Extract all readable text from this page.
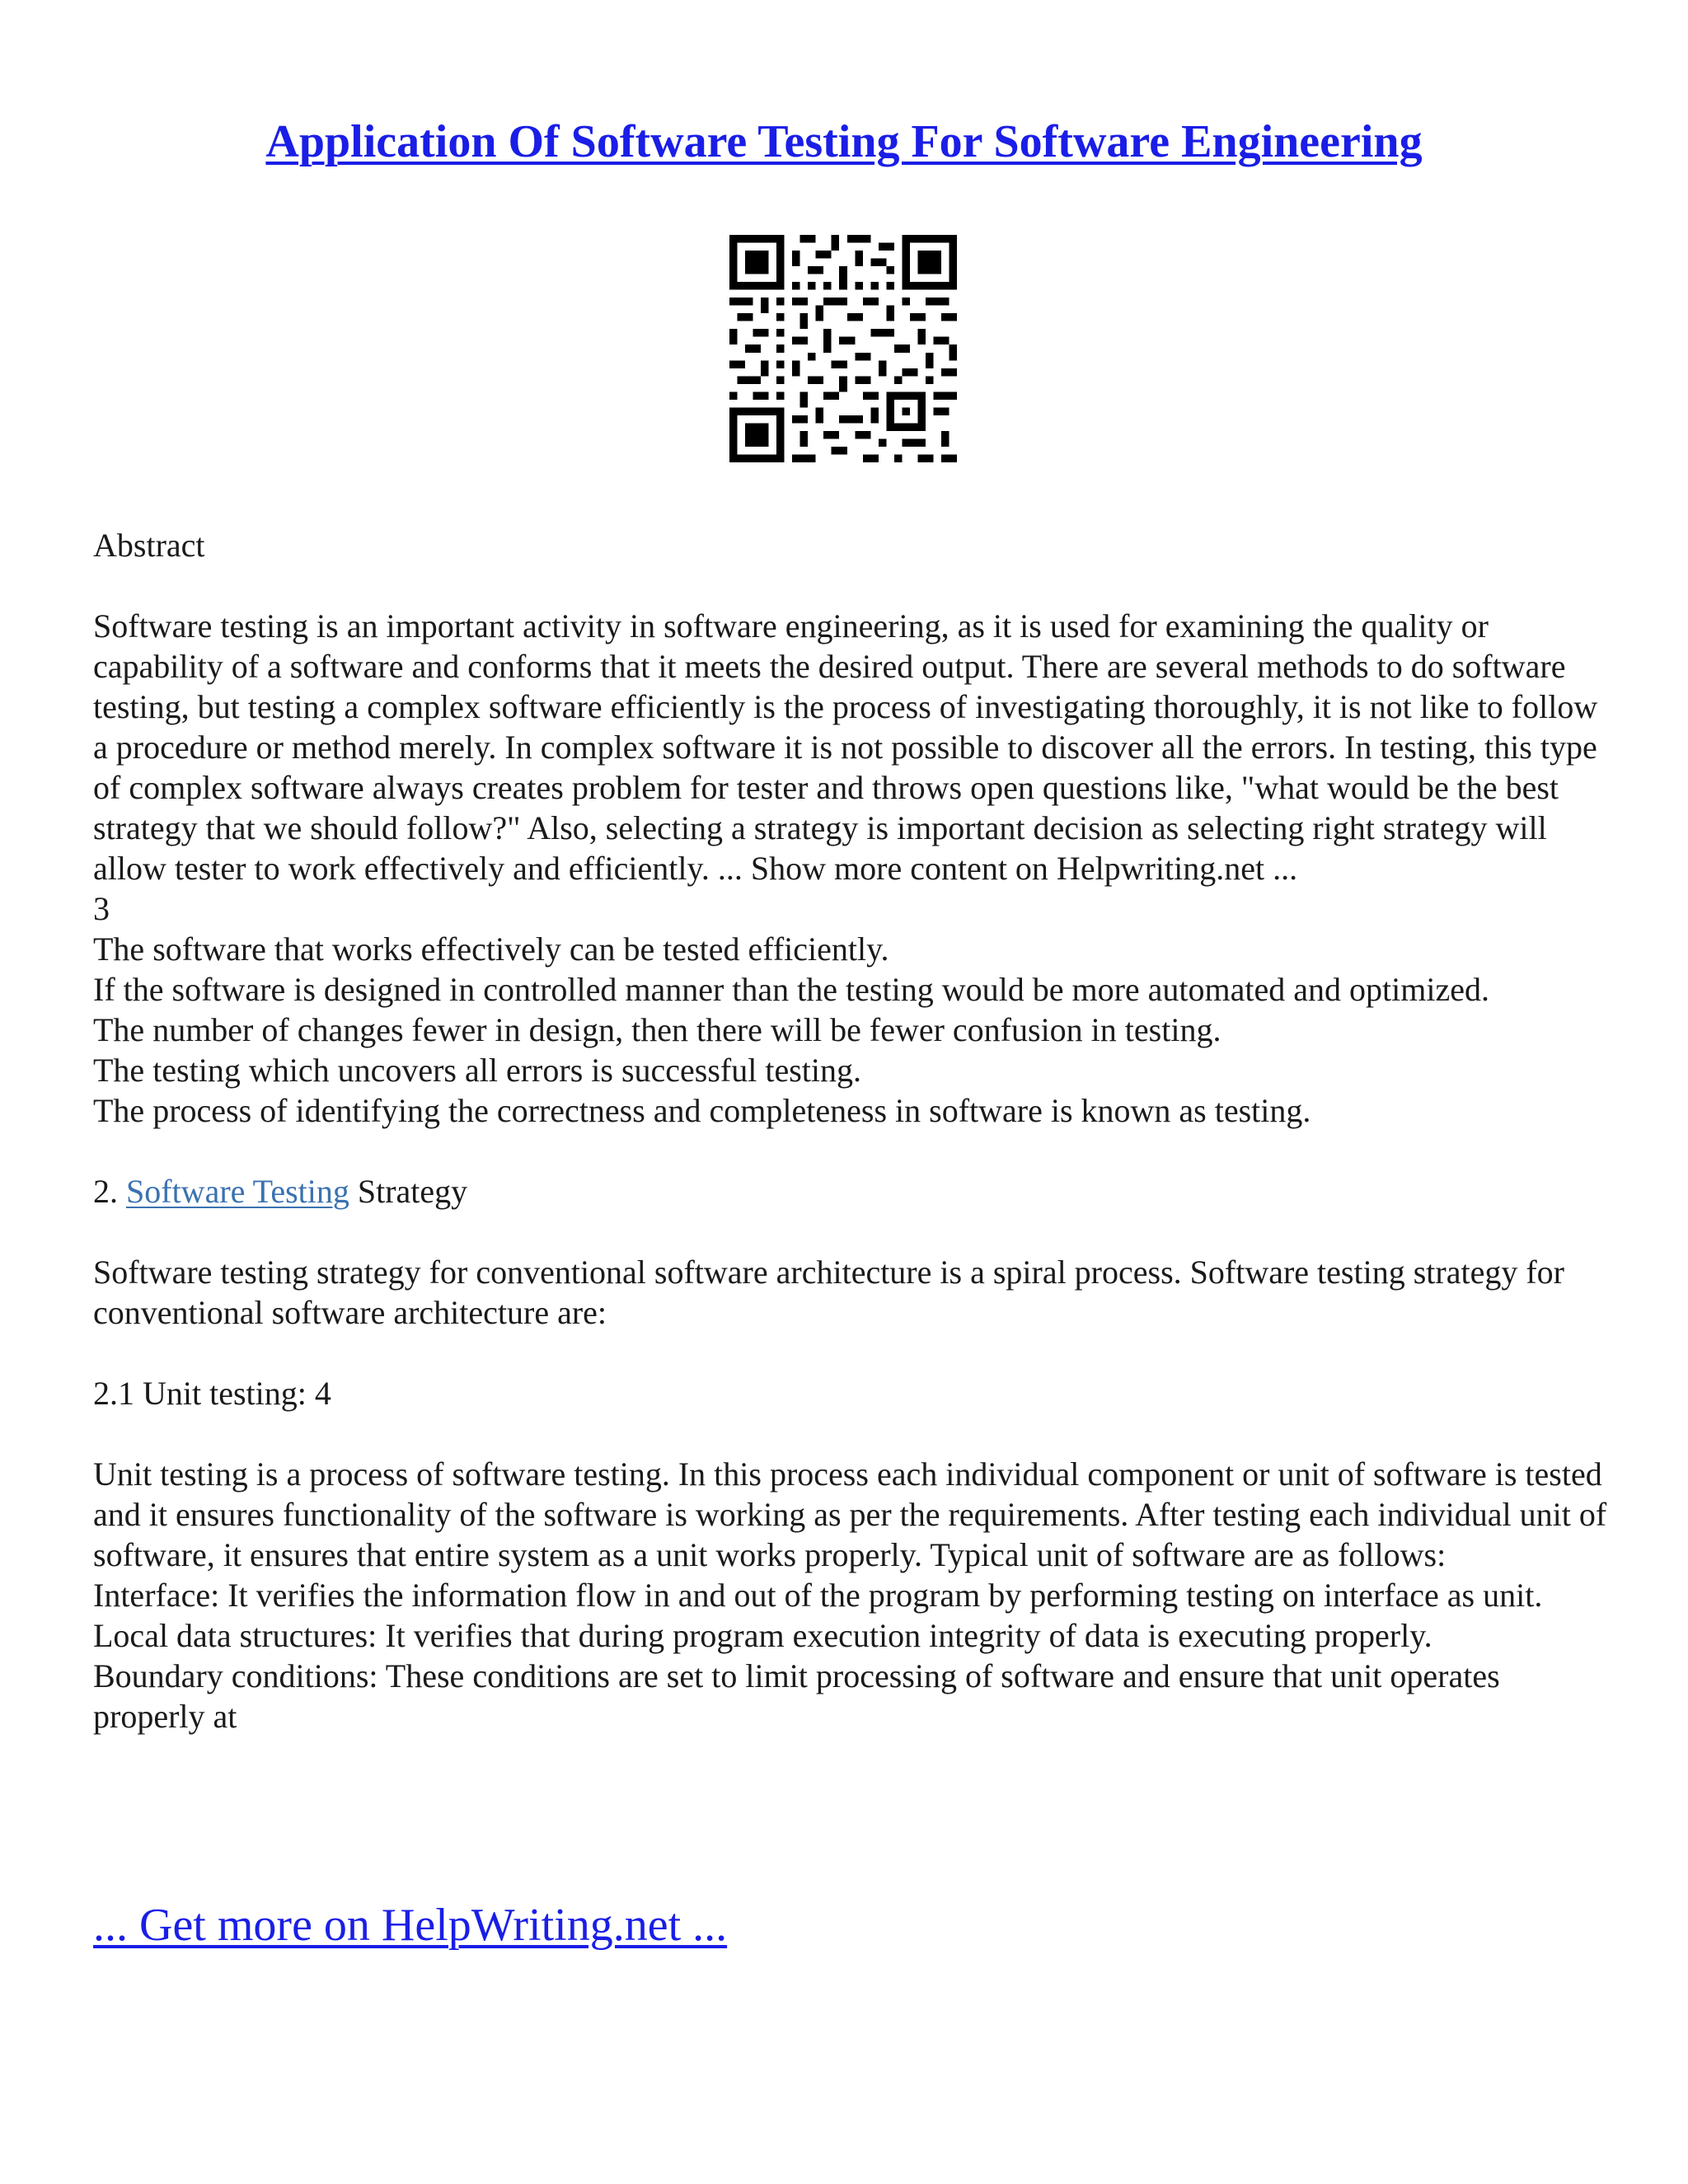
Application Of Software Testing For Software Engineering

Abstract

Software testing is an important activity in software engineering, as it is used for examining the quality or capability of a software and conforms that it meets the desired output. There are several methods to do software testing, but testing a complex software efficiently is the process of investigating thoroughly, it is not like to follow a procedure or method merely. In complex software it is not possible to discover all the errors. In testing, this type of complex software always creates problem for tester and throws open questions like, "what would be the best strategy that we should follow?" Also, selecting a strategy is important decision as selecting right strategy will allow tester to work effectively and efficiently. ... Show more content on Helpwriting.net ...

3

The software that works effectively can be tested efficiently.

If the software is designed in controlled manner than the testing would be more automated and optimized.

The number of changes fewer in design, then there will be fewer confusion in testing.

The testing which uncovers all errors is successful testing.

The process of identifying the correctness and completeness in software is known as testing.

2. Software Testing Strategy

Software testing strategy for conventional software architecture is a spiral process. Software testing strategy for conventional software architecture are:

2.1 Unit testing: 4

Unit testing is a process of software testing. In this process each individual component or unit of software is tested and it ensures functionality of the software is working as per the requirements. After testing each individual unit of software, it ensures that entire system as a unit works properly. Typical unit of software are as follows:

Interface: It verifies the information flow in and out of the program by performing testing on interface as unit.

Local data structures: It verifies that during program execution integrity of data is executing properly.

Boundary conditions: These conditions are set to limit processing of software and ensure that unit operates properly at

... Get more on HelpWriting.net ...
